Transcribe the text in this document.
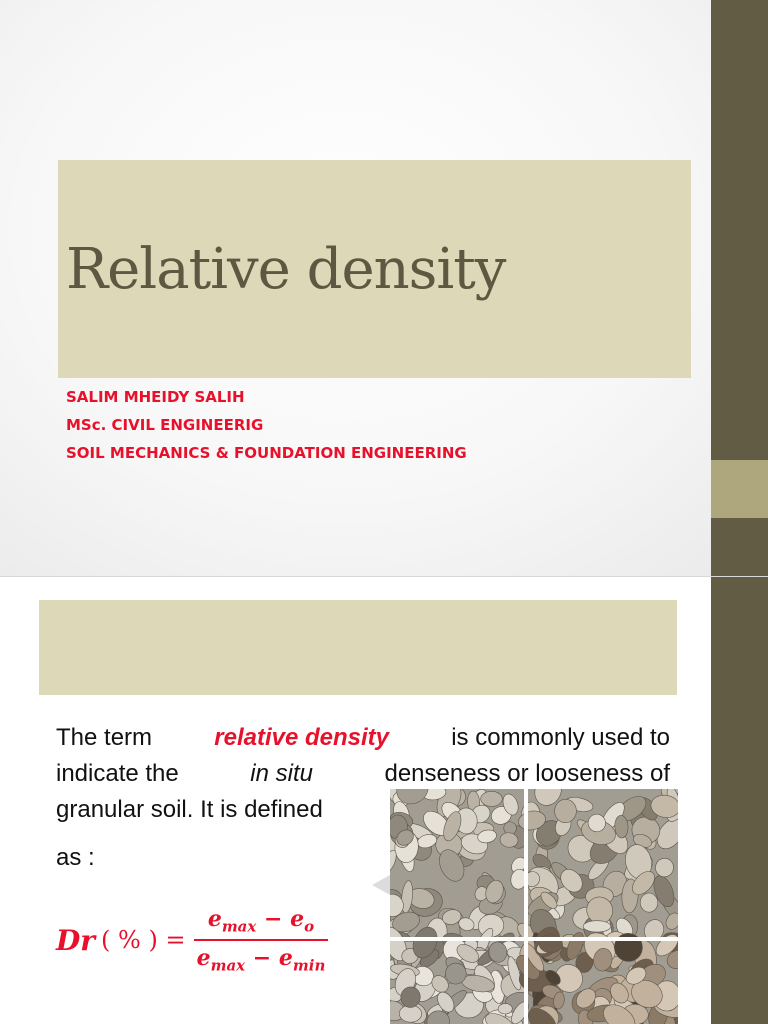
Relative density
SALIM MHEIDY SALIH
MSc. CIVIL ENGINEERIG
SOIL MECHANICS & FOUNDATION ENGINEERING
The term	relative density	is commonly used to
indicate the	in situ	denseness or looseness of
granular soil. It is defined
as :
Dr ( % ) = $\frac{e_{max} - e_o}{e_{max} - e_{min}}$
